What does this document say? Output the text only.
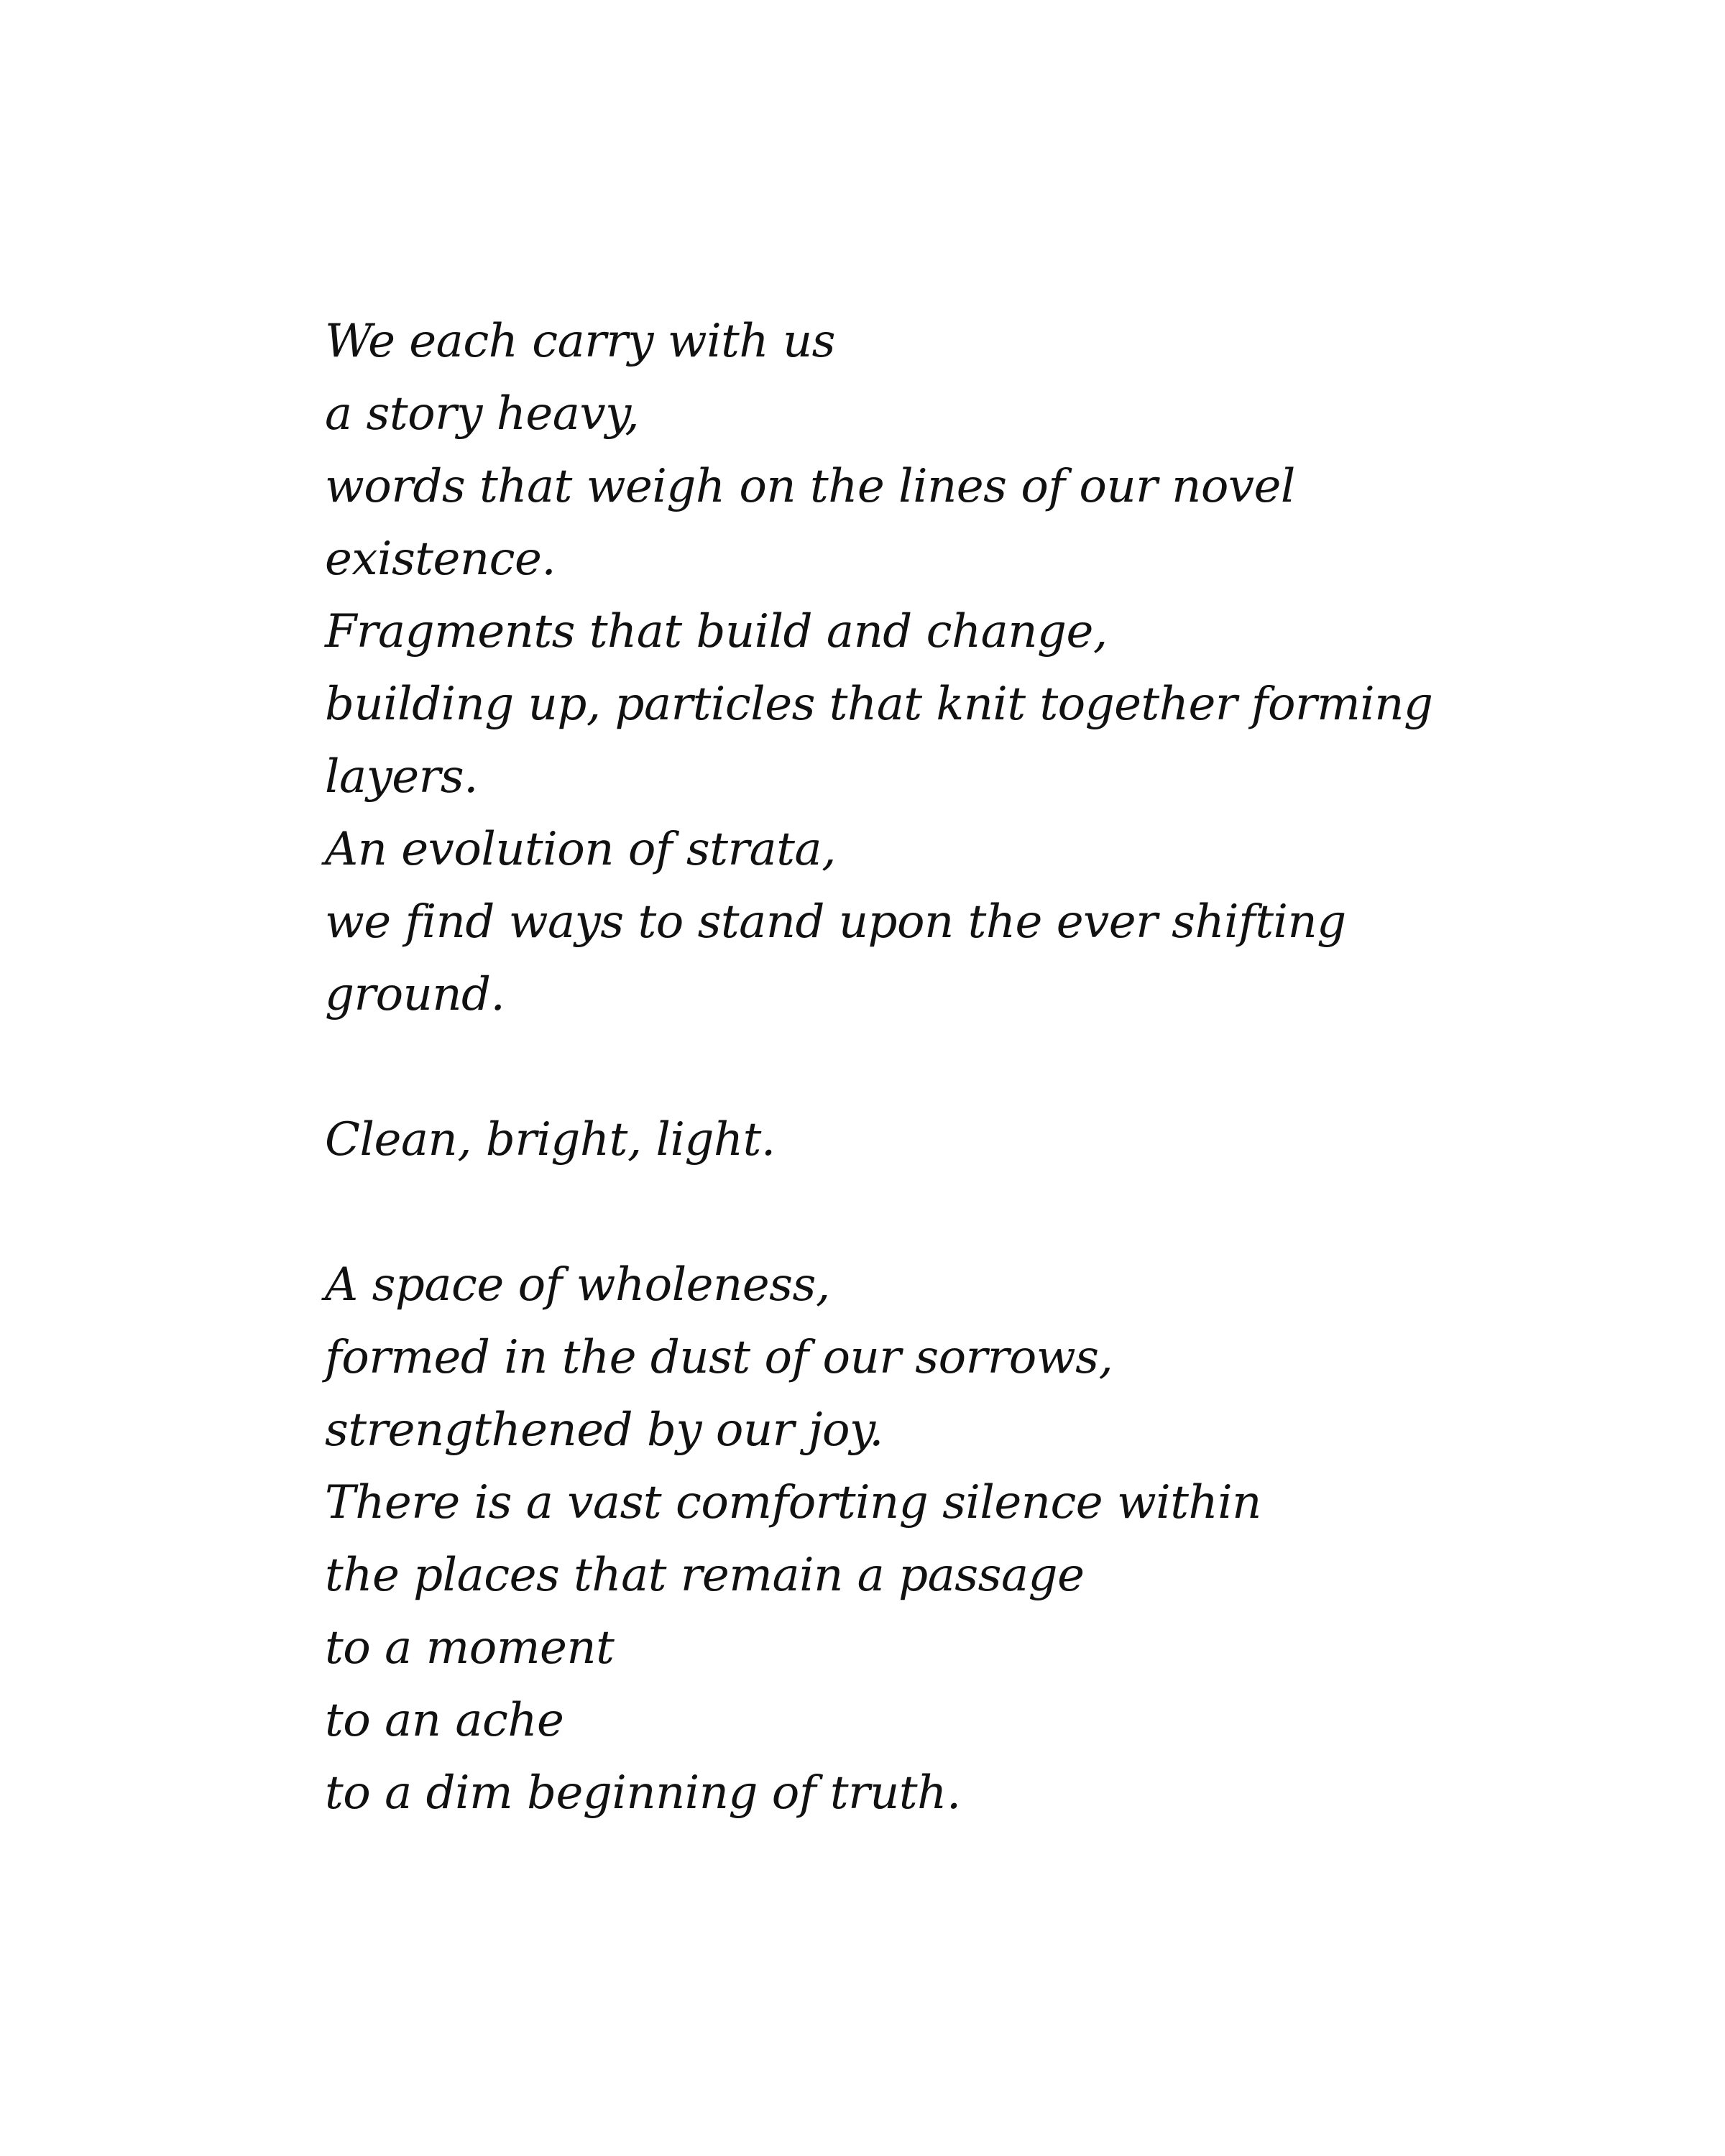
We each carry with us
a story heavy,
words that weigh on the lines of our novel
existence.
Fragments that build and change,
building up, particles that knit together forming
layers.
An evolution of strata,
we find ways to stand upon the ever shifting
ground.
Clean, bright, light.
A space of wholeness,
formed in the dust of our sorrows,
strengthened by our joy.
There is a vast comforting silence within
the places that remain a passage
to a moment
to an ache
to a dim beginning of truth.
